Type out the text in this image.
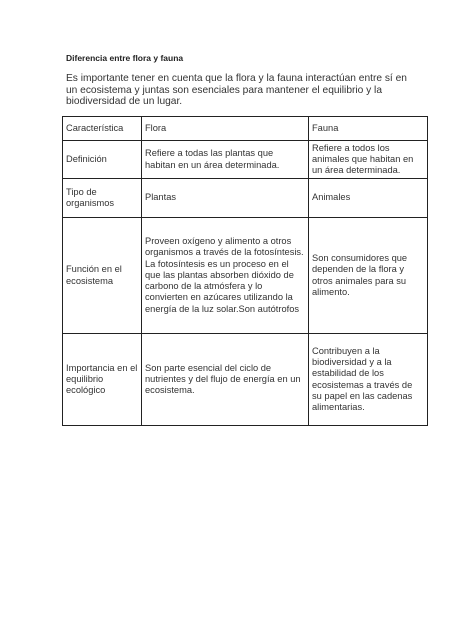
Diferencia entre flora y fauna
Es importante tener en cuenta que la flora y la fauna interactúan entre sí en un ecosistema y juntas son esenciales para mantener el equilibrio y la biodiversidad de un lugar.
Característica	Flora	Fauna
Definición	Refiere a todas las plantas que habitan en un área determinada.	Refiere a todos los animales que habitan en un área determinada.
Tipo de organismos	Plantas	Animales
Función en el ecosistema	Proveen oxígeno y alimento a otros organismos a través de la fotosíntesis. La fotosíntesis es un proceso en el que las plantas absorben dióxido de carbono de la atmósfera y lo convierten en azúcares utilizando la energía de la luz solar.Son autótrofos	Son consumidores que dependen de la flora y otros animales para su alimento.
Importancia en el equilibrio ecológico	Son parte esencial del ciclo de nutrientes y del flujo de energía en un ecosistema.	Contribuyen a la biodiversidad y a la estabilidad de los ecosistemas a través de su papel en las cadenas alimentarias.
